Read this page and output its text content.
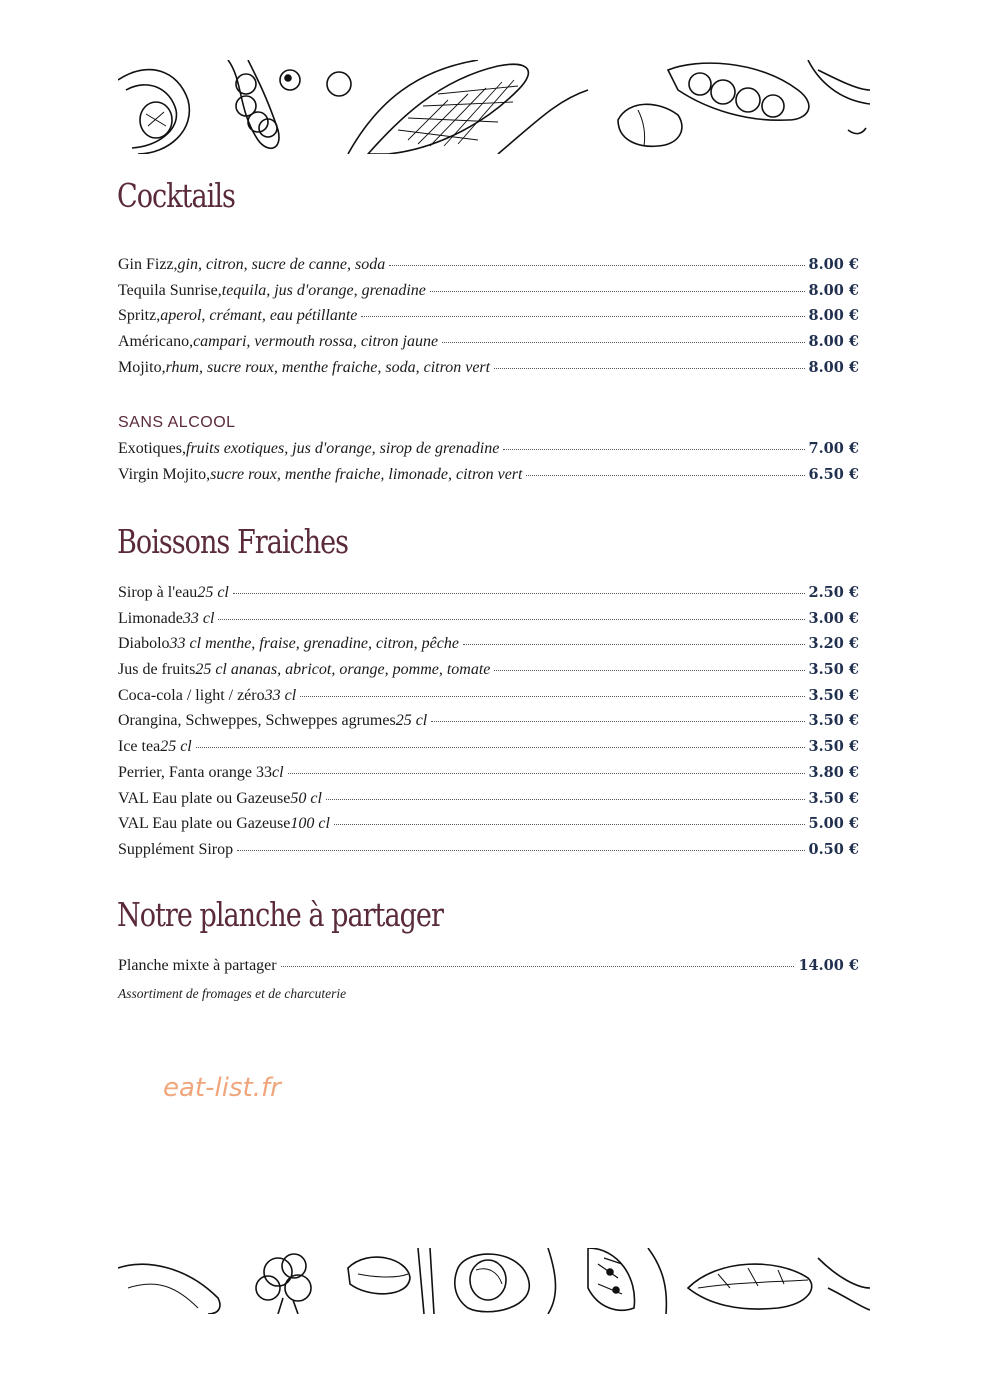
Cocktails
Gin Fizz, gin, citron, sucre de canne, soda	8.00 €
Tequila Sunrise, tequila, jus d'orange, grenadine	8.00 €
Spritz, aperol, crémant, eau pétillante	8.00 €
Américano, campari, vermouth rossa, citron jaune	8.00 €
Mojito, rhum, sucre roux, menthe fraiche, soda, citron vert	8.00 €
SANS ALCOOL
Exotiques, fruits exotiques, jus d'orange, sirop de grenadine	7.00 €
Virgin Mojito, sucre roux, menthe fraiche, limonade, citron vert	6.50 €
Boissons Fraiches
Sirop à l'eau 25 cl	2.50 €
Limonade 33 cl	3.00 €
Diabolo 33 cl menthe, fraise, grenadine, citron, pêche	3.20 €
Jus de fruits 25 cl ananas, abricot, orange, pomme, tomate	3.50 €
Coca-cola / light / zéro 33 cl	3.50 €
Orangina, Schweppes, Schweppes agrumes 25 cl	3.50 €
Ice tea 25 cl	3.50 €
Perrier, Fanta orange 33 cl	3.80 €
VAL Eau plate ou Gazeuse 50 cl	3.50 €
VAL Eau plate ou Gazeuse 100 cl	5.00 €
Supplément Sirop	0.50 €
Notre planche à partager
Planche mixte à partager	14.00 €
Assortiment de fromages et de charcuterie
eat-list.fr
